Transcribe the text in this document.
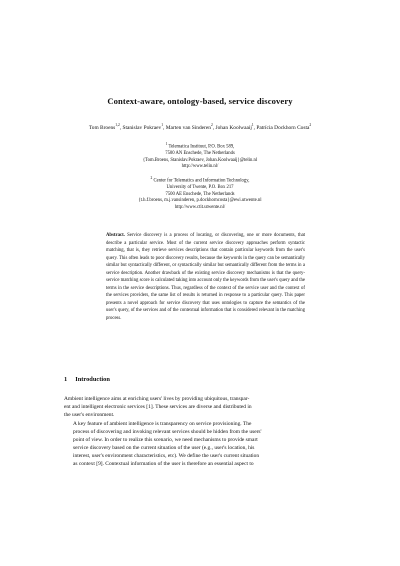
Context-aware, ontology-based, service discovery
Tom Broens$^{1,2}$, Stanislav Pokraev$^1$, Marten van Sinderen$^2$, Johan Koolwaaij$^1$, Patrícia Dockhorn Costa$^2$
$^1$ Telematica Instituut, P.O. Box 589,
7500 AN Enschede, The Netherlands
{Tom.Broens, Stanislav.Pokraev, Johan.Koolwaaij}@telin.nl
http://www.telin.nl/
$^2$ Center for Telematics and Information Technology,
University of Twente, P.O. Box 217
7500 AE Enschede, The Netherlands
{t.h.f.broens, m.j.vansinderen, p.dockhorncosta}@ewi.utwente.nl
http://www.ctit.utwente.nl/
Abstract. Service discovery is a process of locating, or discovering, one or more documents, that describe a particular service. Most of the current service discovery approaches perform syntactic matching, that is, they retrieve services descriptions that contain particular keywords from the user's query. This often leads to poor discovery results, because the keywords in the query can be semantically similar but syntactically different, or syntactically similar but semantically different from the terms in a service description. Another drawback of the existing service discovery mechanisms is that the query-service matching score is calculated taking into account only the keywords from the user's query and the terms in the service descriptions. Thus, regardless of the context of the service user and the context of the services providers, the same list of results is returned in response to a particular query. This paper presents a novel approach for service discovery that uses ontologies to capture the semantics of the user's query, of the services and of the contextual information that is considered relevant in the matching process.
1 Introduction
Ambient intelligence aims at enriching users' lives by providing ubiquitous, transpar-
ent and intelligent electronic services [1]. These services are diverse and distributed in
the user's environment.
A key feature of ambient intelligence is transparency on service provisioning. The
process of discovering and invoking relevant services should be hidden from the users'
point of view. In order to realize this scenario, we need mechanisms to provide smart
service discovery based on the current situation of the user (e.g., user's location, his
interest, user's environment characteristics, etc). We define the user's current situation
as context [9]. Contextual information of the user is therefore an essential aspect to
